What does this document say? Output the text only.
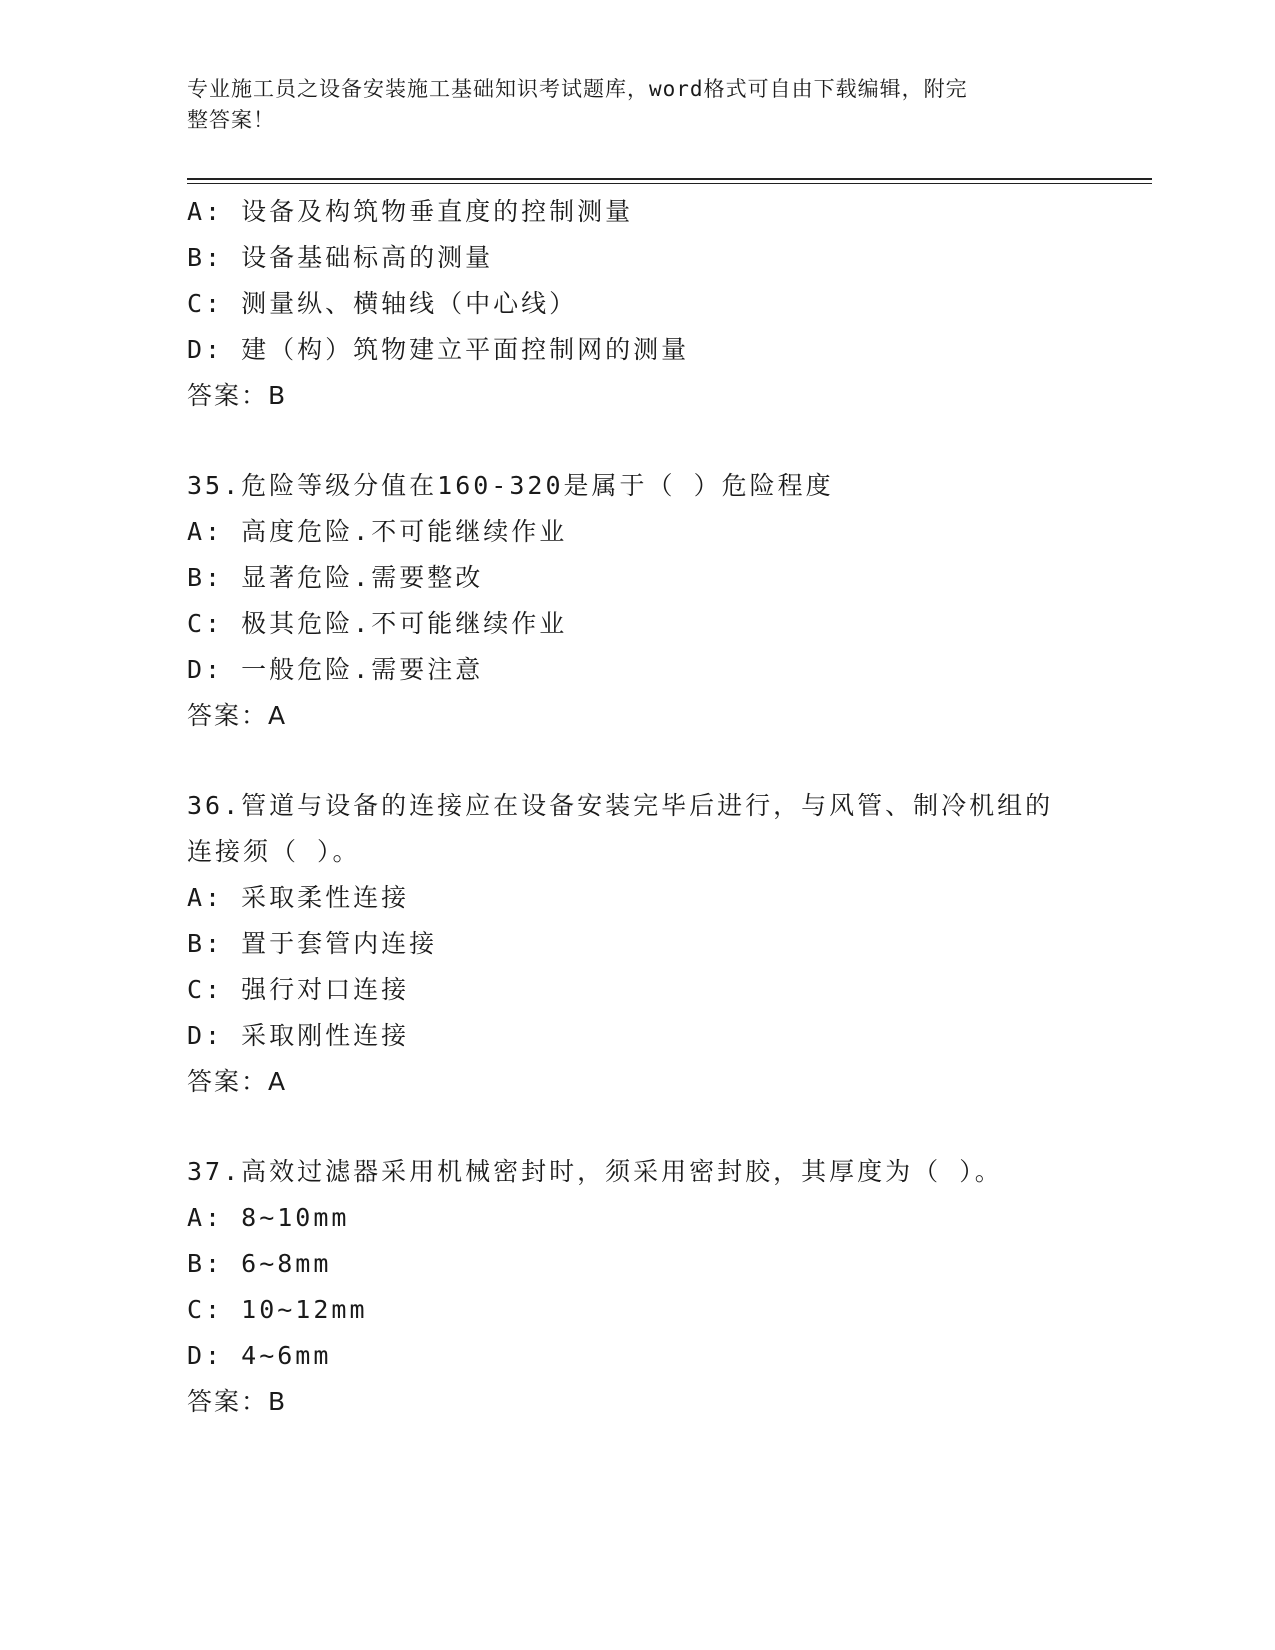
专业施工员之设备安装施工基础知识考试题库，word格式可自由下载编辑，附完
整答案！
A: 设备及构筑物垂直度的控制测量
B: 设备基础标高的测量
C: 测量纵、横轴线（中心线）
D: 建（构）筑物建立平面控制网的测量
答案：B
35.危险等级分值在160-320是属于（ ）危险程度
A: 高度危险.不可能继续作业
B: 显著危险.需要整改
C: 极其危险.不可能继续作业
D: 一般危险.需要注意
答案：A
36.管道与设备的连接应在设备安装完毕后进行，与风管、制冷机组的
连接须（ ）。
A: 采取柔性连接
B: 置于套管内连接
C: 强行对口连接
D: 采取刚性连接
答案：A
37.高效过滤器采用机械密封时，须采用密封胶，其厚度为（ ）。
A: 8~10mm
B: 6~8mm
C: 10~12mm
D: 4~6mm
答案：B
